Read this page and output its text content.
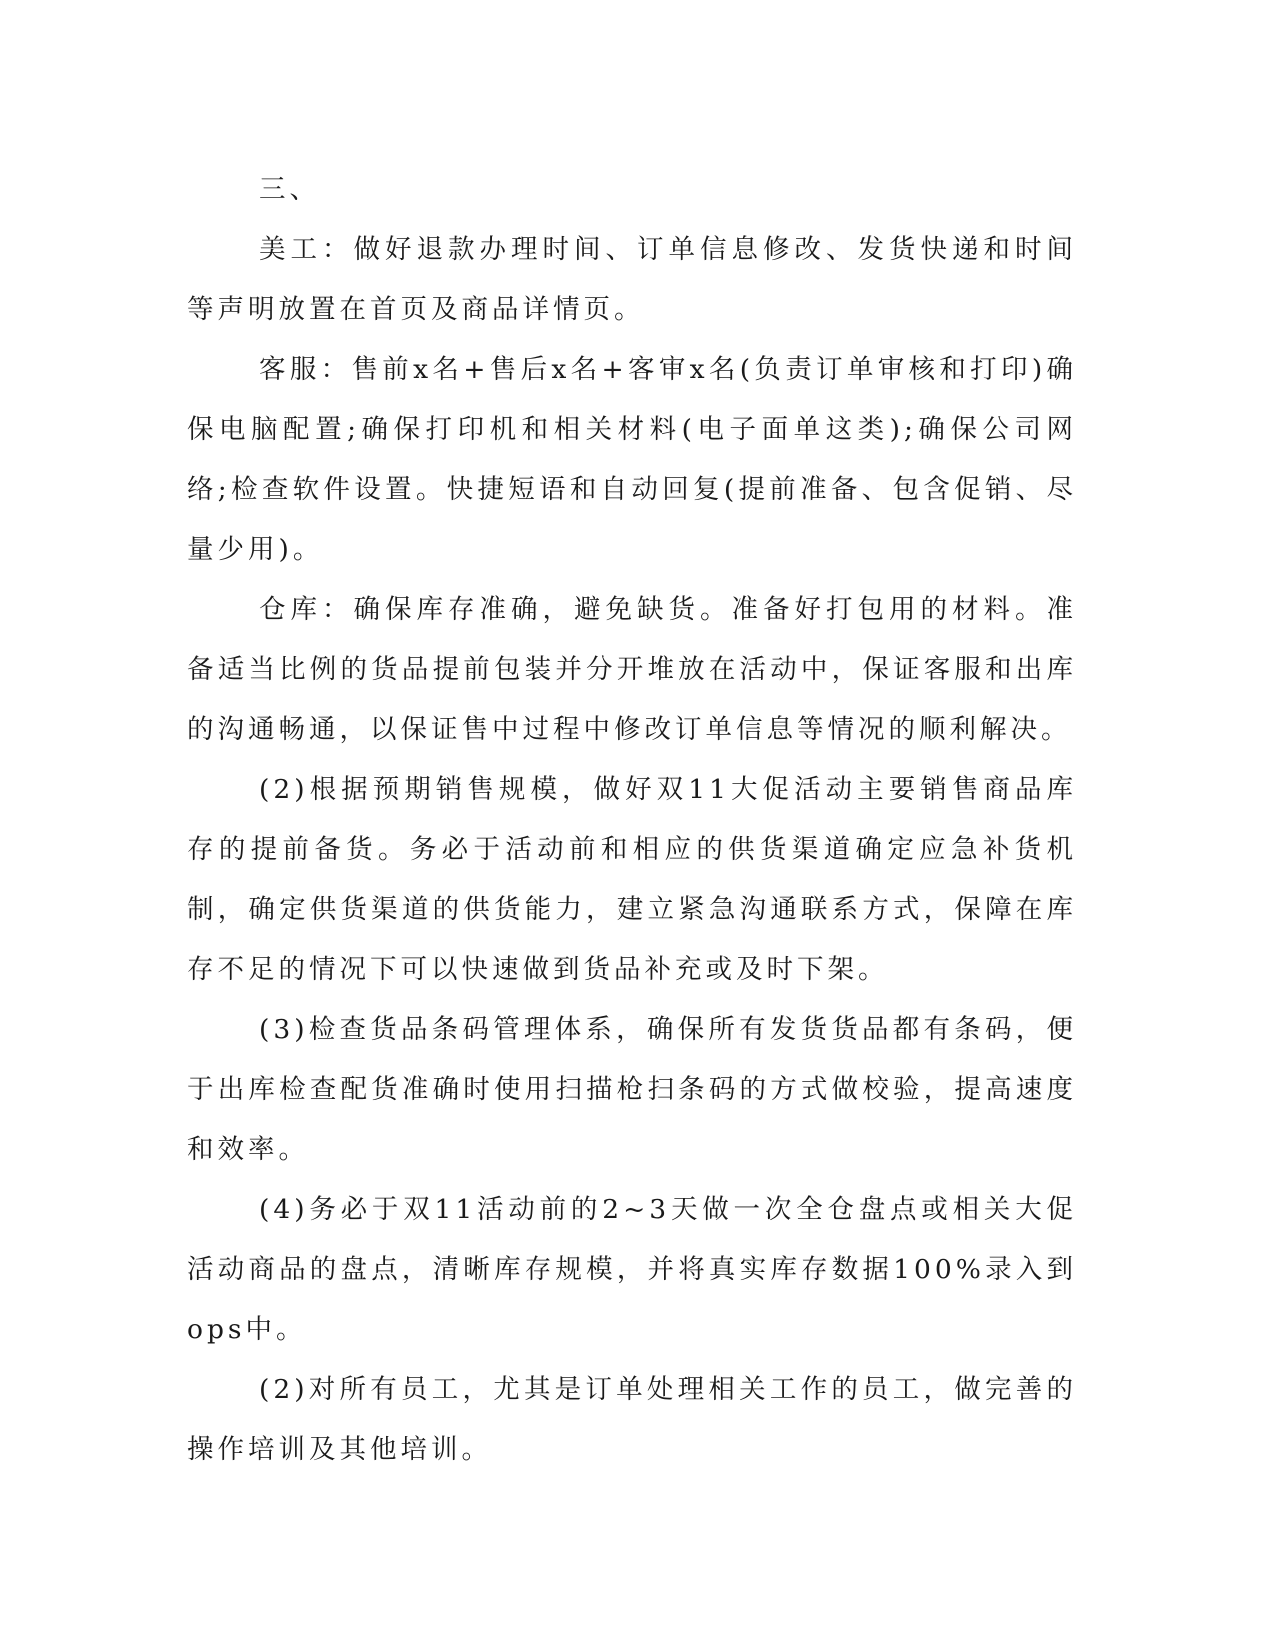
三、

美工：做好退款办理时间、订单信息修改、发货快递和时间等声明放置在首页及商品详情页。

客服：售前x名+售后x名+客审x名(负责订单审核和打印)确保电脑配置;确保打印机和相关材料(电子面单这类);确保公司网络;检查软件设置。快捷短语和自动回复(提前准备、包含促销、尽量少用)。

仓库：确保库存准确，避免缺货。准备好打包用的材料。准备适当比例的货品提前包装并分开堆放在活动中，保证客服和出库的沟通畅通，以保证售中过程中修改订单信息等情况的顺利解决。

(2)根据预期销售规模，做好双11大促活动主要销售商品库存的提前备货。务必于活动前和相应的供货渠道确定应急补货机制，确定供货渠道的供货能力，建立紧急沟通联系方式，保障在库存不足的情况下可以快速做到货品补充或及时下架。

(3)检查货品条码管理体系，确保所有发货货品都有条码，便于出库检查配货准确时使用扫描枪扫条码的方式做校验，提高速度和效率。

(4)务必于双11活动前的2~3天做一次全仓盘点或相关大促活动商品的盘点，清晰库存规模，并将真实库存数据100%录入到ops中。

(2)对所有员工，尤其是订单处理相关工作的员工，做完善的操作培训及其他培训。
